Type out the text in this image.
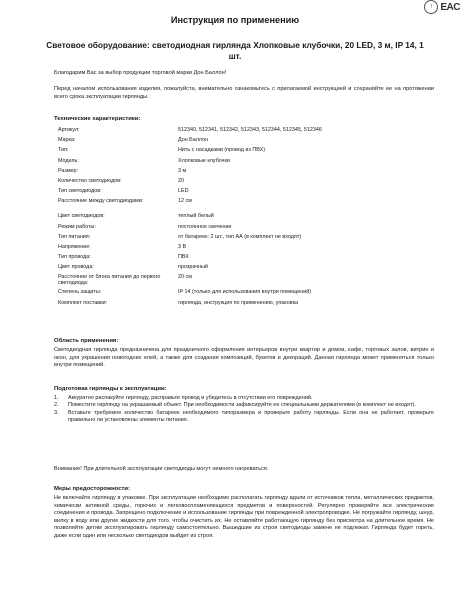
! EAC
Инструкция по применению
Световое оборудование: светодиодная гирлянда Хлопковые клубочки, 20 LED, 3 м, IP 14, 1 шт.
Благодарим Вас за выбор продукции торговой марки Дон Баллон!
Перед началом использования изделия, пожалуйста, внимательно ознакомьтесь с прилагаемой инструкцией и сохраняйте ее на протяжении всего срока эксплуатации гирлянды.
Технические характеристики:
Артикул:	512340, 512341, 512342, 512343, 512344, 512345, 512346
Марка:	Дон Баллон
Тип:	Нить с насадками (провод из ПВХ)
Модель:	Хлопковые клубочки
Размер:	3 м
Количество светодиодов:	20
Тип светодиодов:	LED
Расстояние между светодиодами:	12 см
Цвет светодиодов:	теплый белый
Режим работы:	постоянное свечение
Тип питания:	от батареек: 2 шт., тип АА (в комплект не входят)
Напряжение:	3 В
Тип провода:	ПВХ
Цвет провода:	прозрачный
Расстояние от блока питания до первого светодиода:
20 см
Степень защиты:	IP 14 (только для использования внутри помещений)
Комплект поставки:	гирлянда, инструкция по применению, упаковка
Область применения:
Светодиодная гирлянда предназначена для праздничного оформления интерьеров внутри квартир и домов, кафе, торговых залов, витрин и окон, для украшения новогодних елей, а также для создания композиций, букетов и декораций. Данная гирлянда может применяться только внутри помещений.
Подготовка гирлянды к эксплуатации:
1.	Аккуратно распакуйте гирлянду, расправьте провод и убедитесь в отсутствии его повреждений.
2.	Поместите гирлянду на украшаемый объект. При необходимости зафиксируйте ее специальными держателями (в комплект не входят).
3.	Вставьте требуемое количество батареек необходимого типоразмера и проверьте работу гирлянды. Если она не работает, проверьте правильно ли установлены элементы питания.
Внимание! При длительной эксплуатации светодиоды могут немного нагреваться.
Меры предосторожности:
Не включайте гирлянду в упаковке. При эксплуатации необходимо располагать гирлянду вдали от источников тепла, металлических предметов, химически активной среды, горючих и легковоспламеняющихся предметов и поверхностей. Регулярно проверяйте все электрические соединения и провода. Запрещено подключение и использование гирлянды при поврежденной электропроводке. Не погружайте гирлянду, шнур, вилку в воду или другие жидкости для того, чтобы очистить их. Не оставляйте работающую гирлянду без присмотра на длительное время. Не позволяйте детям эксплуатировать гирлянду самостоятельно. Вышедшие из строя светодиоды замене не подлежат. Гирлянда будет гореть, даже если один или несколько светодиодов выйдет из строя.
